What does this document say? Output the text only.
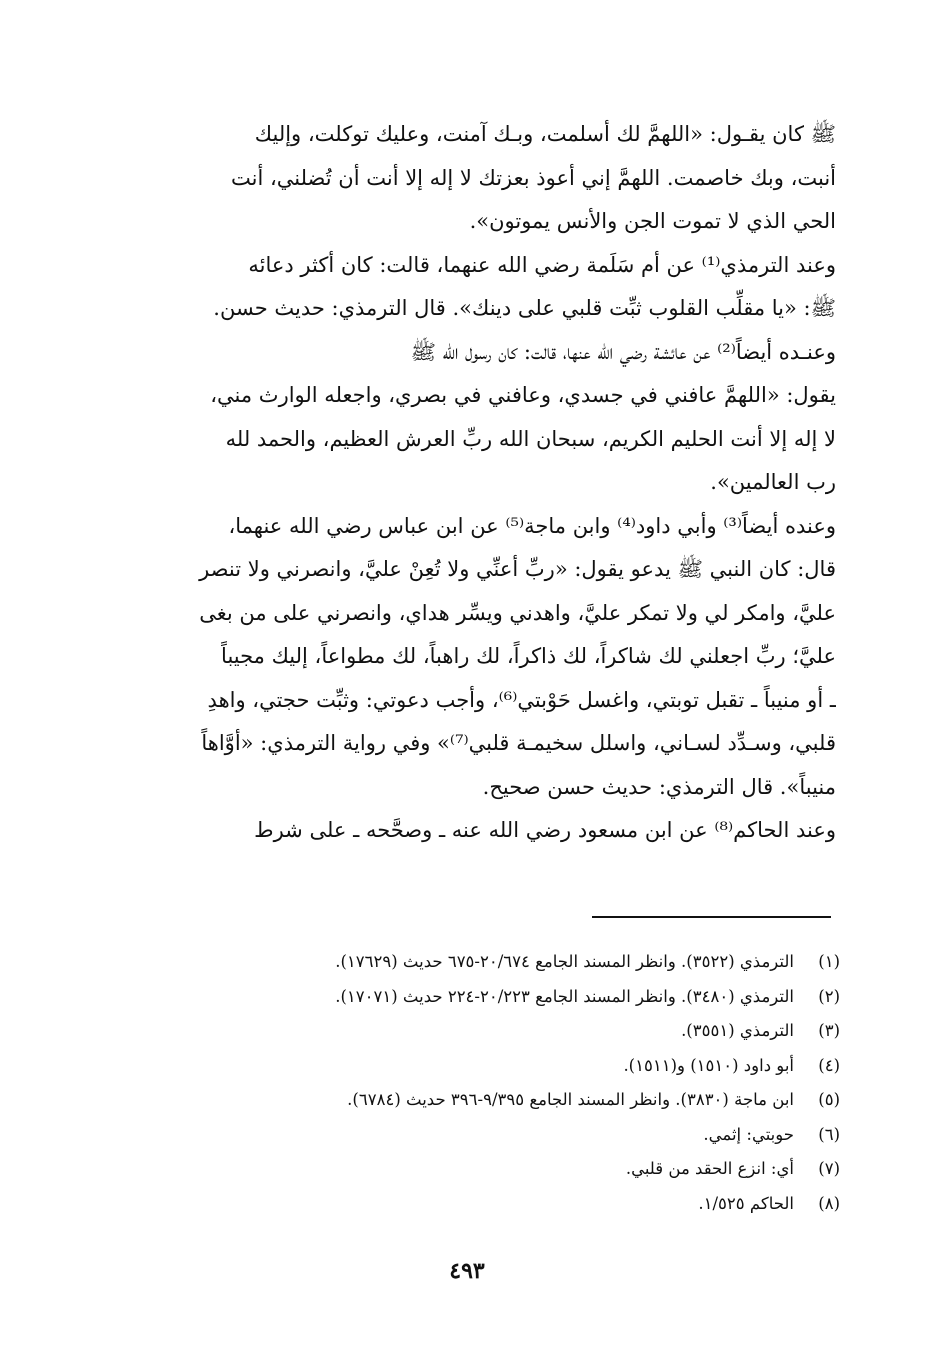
ﷺ كان يقـول: «اللهمَّ لك أسلمت، وبـك آمنت، وعليك توكلت، وإليك
أنبت، وبك خاصمت. اللهمَّ إني أعوذ بعزتك لا إله إلا أنت أن تُضلني، أنت
الحي الذي لا تموت الجن والأنس يموتون».
وعند الترمذي⁽¹⁾ عن أم سَلَمة رضي الله عنهما، قالت: كان أكثر دعائه
ﷺ: «يا مقلِّب القلوب ثبِّت قلبي على دينك». قال الترمذي: حديث حسن.
وعنـده أيضاً⁽²⁾ عن عائشة رضي الله عنها، قالت: كان رسول الله ﷺ
يقول: «اللهمَّ عافني في جسدي، وعافني في بصري، واجعله الوارث مني،
لا إله إلا أنت الحليم الكريم، سبحان الله ربِّ العرش العظيم، والحمد لله
رب العالمين».
وعنده أيضاً⁽³⁾ وأبي داود⁽⁴⁾ وابن ماجة⁽⁵⁾ عن ابن عباس رضي الله عنهما،
قال: كان النبي ﷺ يدعو يقول: «ربِّ أعنِّي ولا تُعِنْ عليَّ، وانصرني ولا تنصر
عليَّ، وامكر لي ولا تمكر عليَّ، واهدني ويسِّر هداي، وانصرني على من بغى
عليَّ؛ ربِّ اجعلني لك شاكراً، لك ذاكراً، لك راهباً، لك مطواعاً، إليك مجيباً
ـ أو منيباً ـ تقبل توبتي، واغسل حَوْبتي⁽⁶⁾، وأجب دعوتي: وثبِّت حجتي، واهدِ
قلبي، وسـدِّد لسـاني، واسلل سخيمـة قلبي⁽⁷⁾» وفي رواية الترمذي: «أوَّاهاً
منيباً». قال الترمذي: حديث حسن صحيح.
وعند الحاكم⁽⁸⁾ عن ابن مسعود رضي الله عنه ـ وصحَّحه ـ على شرط
(١)
الترمذي (٣٥٢٢). وانظر المسند الجامع ٢٠/٦٧٤-٦٧٥ حديث (١٧٦٢٩).
(٢)
الترمذي (٣٤٨٠). وانظر المسند الجامع ٢٠/٢٢٣-٢٢٤ حديث (١٧٠٧١).
(٣)
الترمذي (٣٥٥١).
(٤)
أبو داود (١٥١٠) و(١٥١١).
(٥)
ابن ماجة (٣٨٣٠). وانظر المسند الجامع ٩/٣٩٥-٣٩٦ حديث (٦٧٨٤).
(٦)
حوبتي: إثمي.
(٧)
أي: انزع الحقد من قلبي.
(٨)
الحاكم ١/٥٢٥.
٤٩٣
